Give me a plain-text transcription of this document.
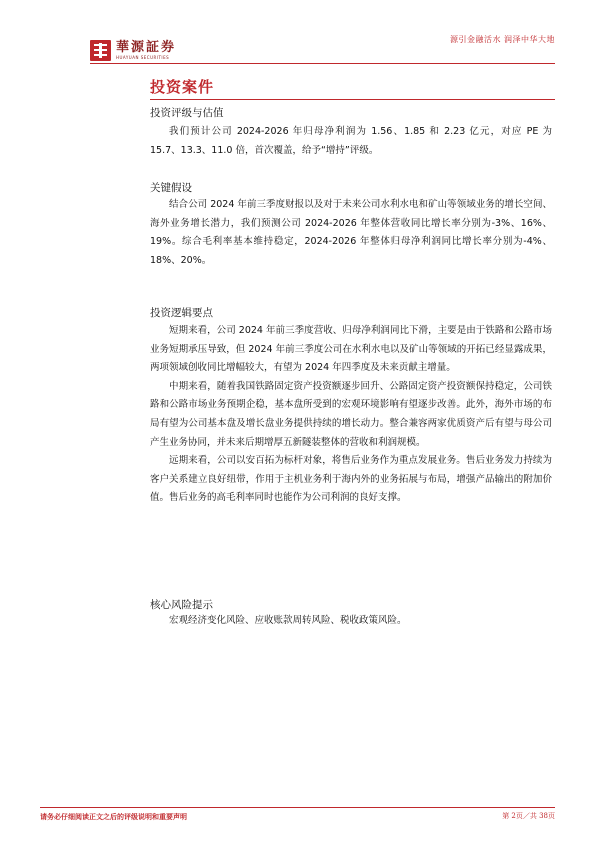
華源証券
HUAYUAN SECURITIES
源引金融活水 润泽中华大地
投资案件
投资评级与估值

我们预计公司 2024-2026 年归母净利润为 1.56、1.85 和 2.23 亿元，对应 PE 为 15.7、13.3、11.0 倍，首次覆盖，给予“增持”评级。

关键假设

结合公司 2024 年前三季度财报以及对于未来公司水利水电和矿山等领域业务的增长空间、海外业务增长潜力，我们预测公司 2024-2026 年整体营收同比增长率分别为-3%、16%、19%。综合毛利率基本维持稳定，2024-2026 年整体归母净利润同比增长率分别为-4%、18%、20%。

投资逻辑要点

短期来看，公司 2024 年前三季度营收、归母净利润同比下滑，主要是由于铁路和公路市场业务短期承压导致，但 2024 年前三季度公司在水利水电以及矿山等领域的开拓已经显露成果，两项领域创收同比增幅较大，有望为 2024 年四季度及未来贡献主增量。

中期来看，随着我国铁路固定资产投资额逐步回升、公路固定资产投资额保持稳定，公司铁路和公路市场业务预期企稳，基本盘所受到的宏观环境影响有望逐步改善。此外，海外市场的布局有望为公司基本盘及增长盘业务提供持续的增长动力。整合兼容两家优质资产后有望与母公司产生业务协同，并未来后期增厚五新隧装整体的营收和利润规模。

远期来看，公司以安百拓为标杆对象，将售后业务作为重点发展业务。售后业务发力持续为客户关系建立良好纽带，作用于主机业务利于海内外的业务拓展与布局，增强产品输出的附加价值。售后业务的高毛利率同时也能作为公司利润的良好支撑。

核心风险提示

宏观经济变化风险、应收账款周转风险、税收政策风险。

请务必仔细阅读正文之后的评级说明和重要声明	第 2页／共 38页
